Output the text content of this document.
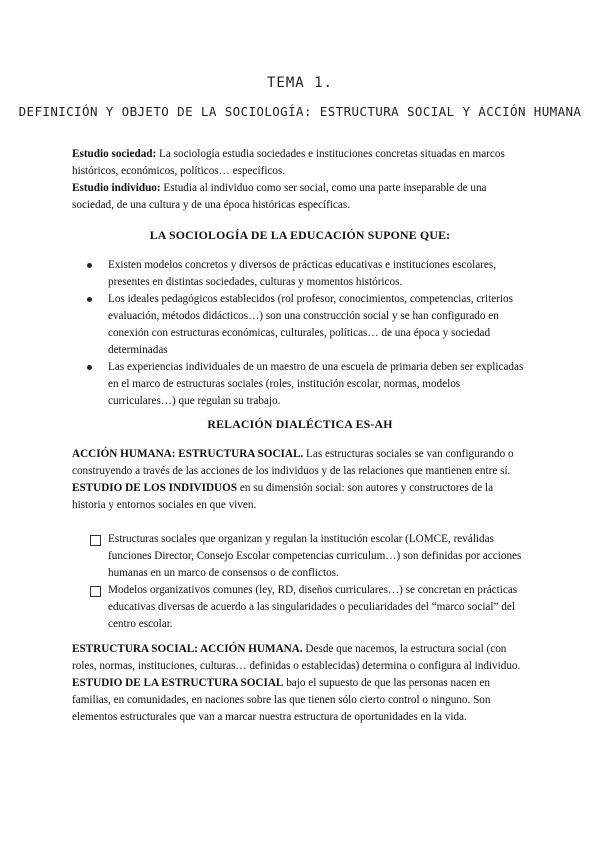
TEMA 1.
DEFINICIÓN Y OBJETO DE LA SOCIOLOGÍA: ESTRUCTURA SOCIAL Y ACCIÓN HUMANA
Estudio sociedad: La sociología estudia sociedades e instituciones concretas situadas en marcos históricos, económicos, políticos… específicos.
Estudio individuo: Estudia al individuo como ser social, como una parte inseparable de una sociedad, de una cultura y de una época históricas específicas.
LA SOCIOLOGÍA DE LA EDUCACIÓN SUPONE QUE:
Existen modelos concretos y diversos de prácticas educativas e instituciones escolares, presentes en distintas sociedades, culturas y momentos históricos.
Los ideales pedagógicos establecidos (rol profesor, conocimientos, competencias, criterios evaluación, métodos didácticos…) son una construcción social y se han configurado en conexión con estructuras económicas, culturales, políticas… de una época y sociedad determinadas
Las experiencias individuales de un maestro de una escuela de primaria deben ser explicadas en el marco de estructuras sociales (roles, institución escolar, normas, modelos curriculares…) que regulan su trabajo.
RELACIÓN DIALÉCTICA ES-AH
ACCIÓN HUMANA: ESTRUCTURA SOCIAL. Las estructuras sociales se van configurando o construyendo a través de las acciones de los individuos y de las relaciones que mantienen entre sí.
ESTUDIO DE LOS INDIVIDUOS en su dimensión social: son autores y constructores de la historia y entornos sociales en que viven.
Estructuras sociales que organizan y regulan la institución escolar (LOMCE, reválidas funciones Director, Consejo Escolar competencias curriculum…) son definidas por acciones humanas en un marco de consensos o de conflictos.
Modelos organizativos comunes (ley, RD, diseños curriculares…) se concretan en prácticas educativas diversas de acuerdo a las singularidades o peculiaridades del “marco social” del centro escolar.
ESTRUCTURA SOCIAL: ACCIÓN HUMANA. Desde que nacemos, la estructura social (con roles, normas, instituciones, culturas… definidas o establecidas) determina o configura al individuo.
ESTUDIO DE LA ESTRUCTURA SOCIAL bajo el supuesto de que las personas nacen en familias, en comunidades, en naciones sobre las que tienen sólo cierto control o ninguno. Son elementos estructurales que van a marcar nuestra estructura de oportunidades en la vida.
